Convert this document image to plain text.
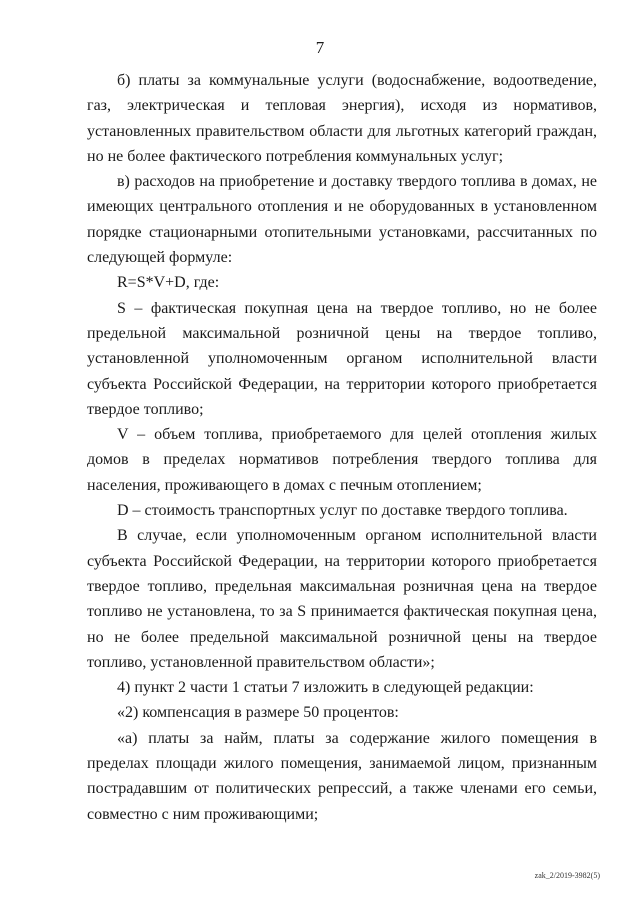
7

б) платы за коммунальные услуги (водоснабжение, водоотведение, газ, электрическая и тепловая энергия), исходя из нормативов, установленных правительством области для льготных категорий граждан, но не более фактического потребления коммунальных услуг;

в) расходов на приобретение и доставку твердого топлива в домах, не имеющих центрального отопления и не оборудованных в установленном порядке стационарными отопительными установками, рассчитанных по следующей формуле:

R=S*V+D, где:

S – фактическая покупная цена на твердое топливо, но не более предельной максимальной розничной цены на твердое топливо, установленной уполномоченным органом исполнительной власти субъекта Российской Федерации, на территории которого приобретается твердое топливо;

V – объем топлива, приобретаемого для целей отопления жилых домов в пределах нормативов потребления твердого топлива для населения, проживающего в домах с печным отоплением;

D – стоимость транспортных услуг по доставке твердого топлива.

В случае, если уполномоченным органом исполнительной власти субъекта Российской Федерации, на территории которого приобретается твердое топливо, предельная максимальная розничная цена на твердое топливо не установлена, то за S принимается фактическая покупная цена, но не более предельной максимальной розничной цены на твердое топливо, установленной правительством области»;

4) пункт 2 части 1 статьи 7 изложить в следующей редакции:

«2) компенсация в размере 50 процентов:

«а) платы за найм, платы за содержание жилого помещения в пределах площади жилого помещения, занимаемой лицом, признанным пострадавшим от политических репрессий, а также членами его семьи, совместно с ним проживающими;

zak_2/2019-3982(5)
